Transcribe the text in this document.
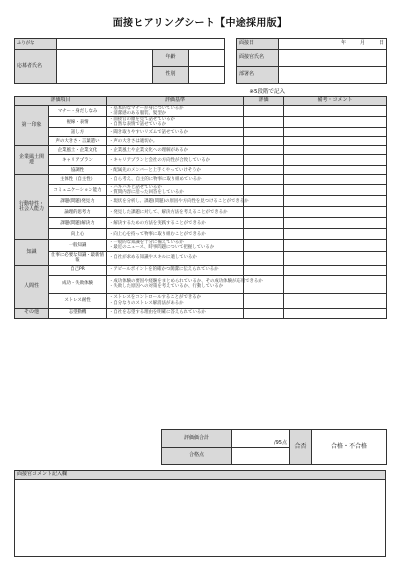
面接ヒアリングシート【中途採用版】
ふりがな			
応募者氏名		年齢	
		性別	
面接日	年 月 日
面接官氏名	
部署名	
※5段階で記入
評価項目		評価基準	評価	備考・コメント
第一印象	マナー・身だしなみ	・基本的なマナーが身についているか
・清潔感のある服装、髪型か		

	視線・表情	・面接官の顔を見て話せているか
・自然な表情で話せているか		

	話し方	・聞き取りやすいリズムで話せているか		

	声の大きさ・言葉遣い	・声の大きさは適切か。		

企業風土関連	企業風土・企業文化	・企業風土や企業文化への理解があるか		

	キャリアプラン	・キャリアプランと会社の方向性が合致しているか		

	協調性	・配属先のメンバーと上手くやっていけそうか		

行動特性・社会人能力	主体性（自主性）	・自ら考え、自主的に物事に取り組めているか		

	コミュニケーション能力	・ハキハキと話せているか
・質問内容に沿った回答をしているか		

	課題(問題)発見力	・現状を分析し、課題(問題)の原因や方向性を見つけることができるか		

	論理的思考力	・発見した課題に対して、解決方法を考えることができるか		

	課題(問題)解決力	・解決するための方法を実践することができるか		

	向上心	・向上心を持って物事に取り組むことができるか		

知識	一般知識	・一般的な知識を十分に備えているか
・最近のニュース、時事問題について把握しているか		

	仕事に必要な知識・最新情報	・自社が求める知識やスキルに適しているか		

人間性	自己PR	・アピールポイントを的確かつ簡潔に伝えられているか		

	成功・失敗体験	・成功体験の要因や経験をまとめられているか、その成功体験が応用できるか
・失敗した原因への対策を考えているか、行動しているか		

	ストレス耐性	・ストレスをコントロールすることができるか
・自分なりのストレス解消法があるか		

その他	志望動機	・自社を志望する理由を明確に答えられているか		

評価価合計	/95点	合否	合格・不合格
合格点			
面接官コメント記入欄
